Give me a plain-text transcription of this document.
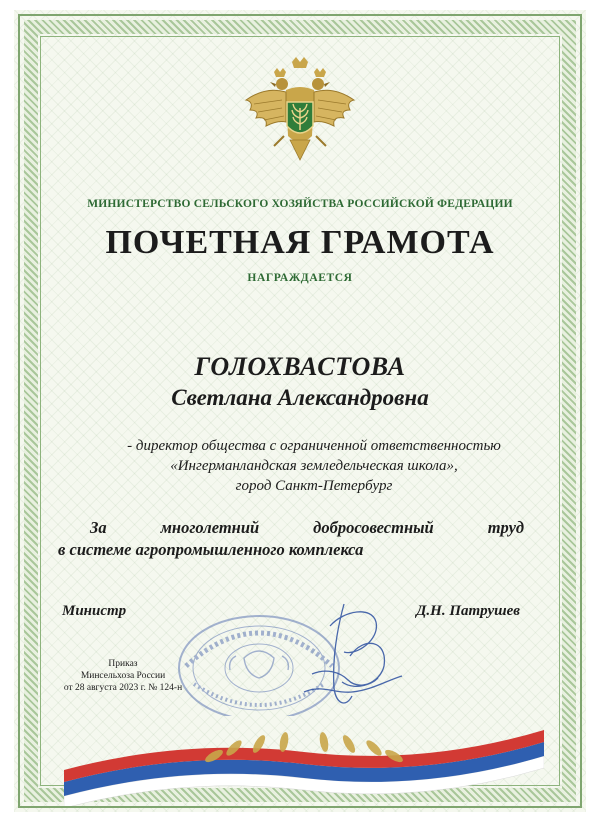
МИНИСТЕРСТВО СЕЛЬСКОГО ХОЗЯЙСТВА РОССИЙСКОЙ ФЕДЕРАЦИИ
ПОЧЕТНАЯ ГРАМОТА
НАГРАЖДАЕТСЯ
ГОЛОХВАСТОВА
Светлана Александровна
- директор общества с ограниченной ответственностью
«Ингерманландская земледельческая школа»,
город Санкт-Петербург
За	многолетний	добросовестный	труд
в системе агропромышленного комплекса
Министр	Д.Н. Патрушев
Приказ
Минсельхоза России
от 28 августа 2023 г. № 124-н
